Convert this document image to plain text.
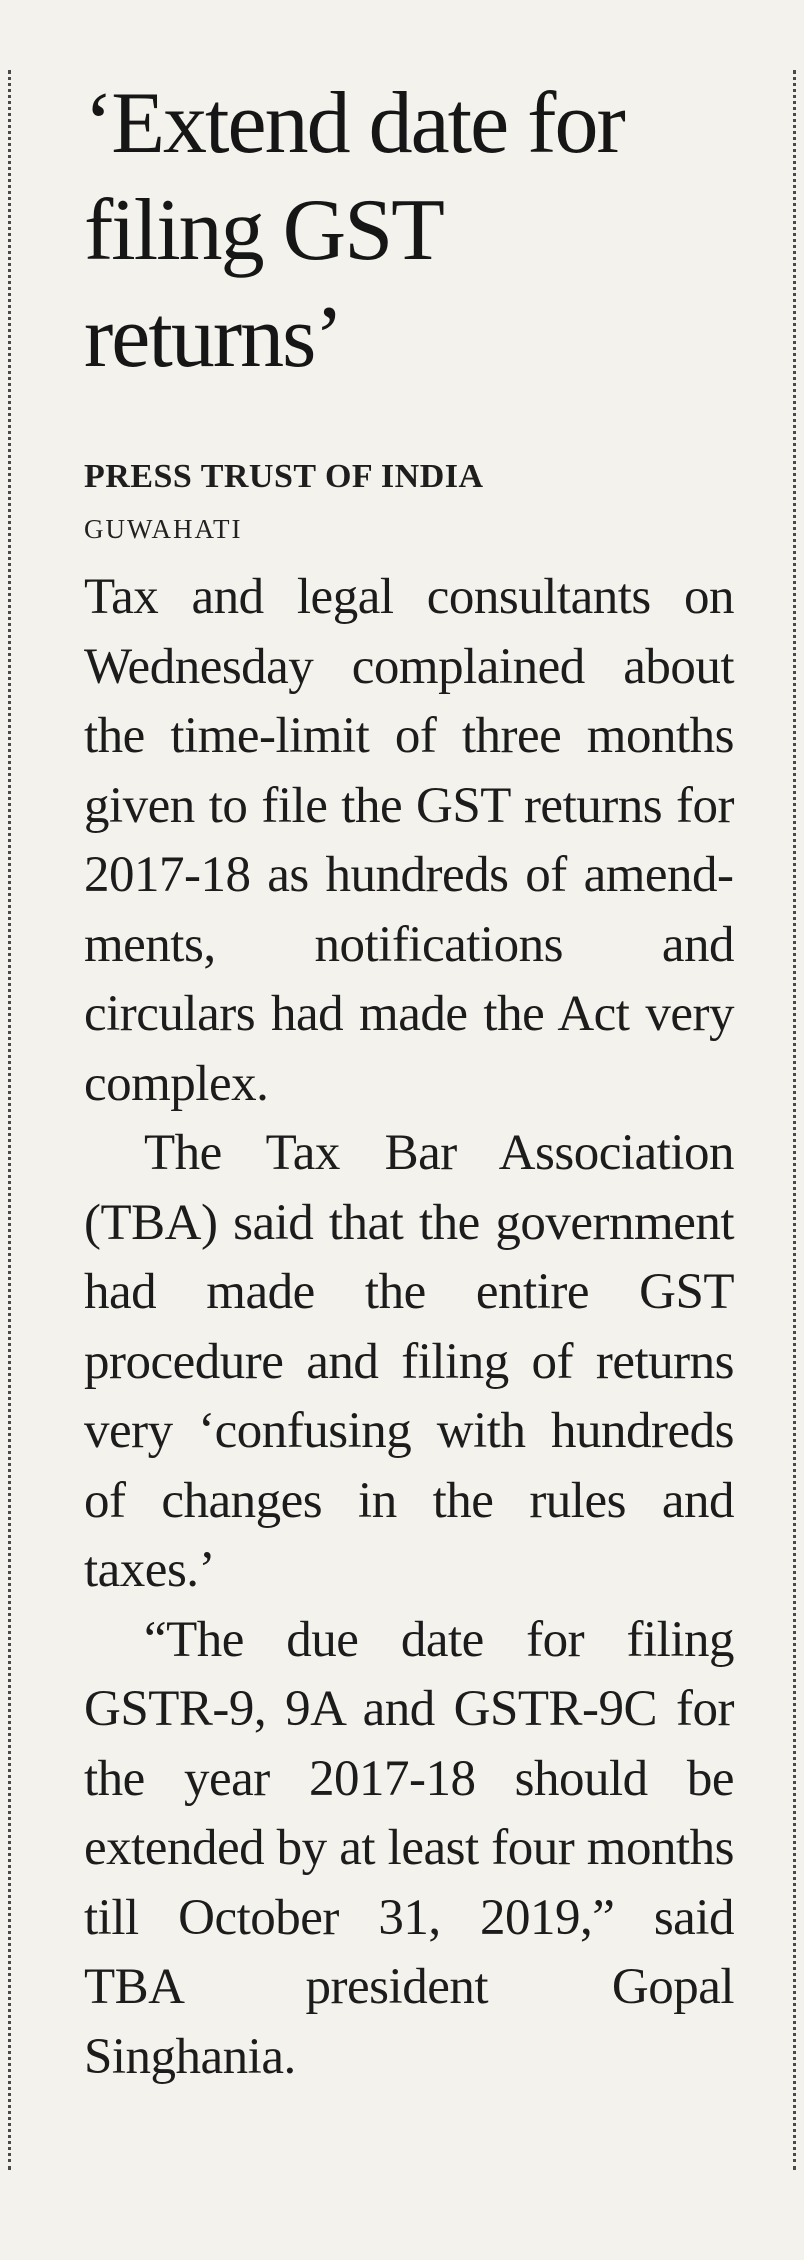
‘Extend date for filing GST returns’
PRESS TRUST OF INDIA
GUWAHATI

Tax and legal consultants on Wednesday complained about the time-limit of three months given to file the GST returns for 2017-18 as hundreds of amendments, notifications and circulars had made the Act very complex.

The Tax Bar Association (TBA) said that the government had made the entire GST procedure and filing of returns very ‘confusing with hundreds of changes in the rules and taxes.’

“The due date for filing GSTR-9, 9A and GSTR-9C for the year 2017-18 should be extended by at least four months till October 31, 2019,” said TBA president Gopal Singhania.
